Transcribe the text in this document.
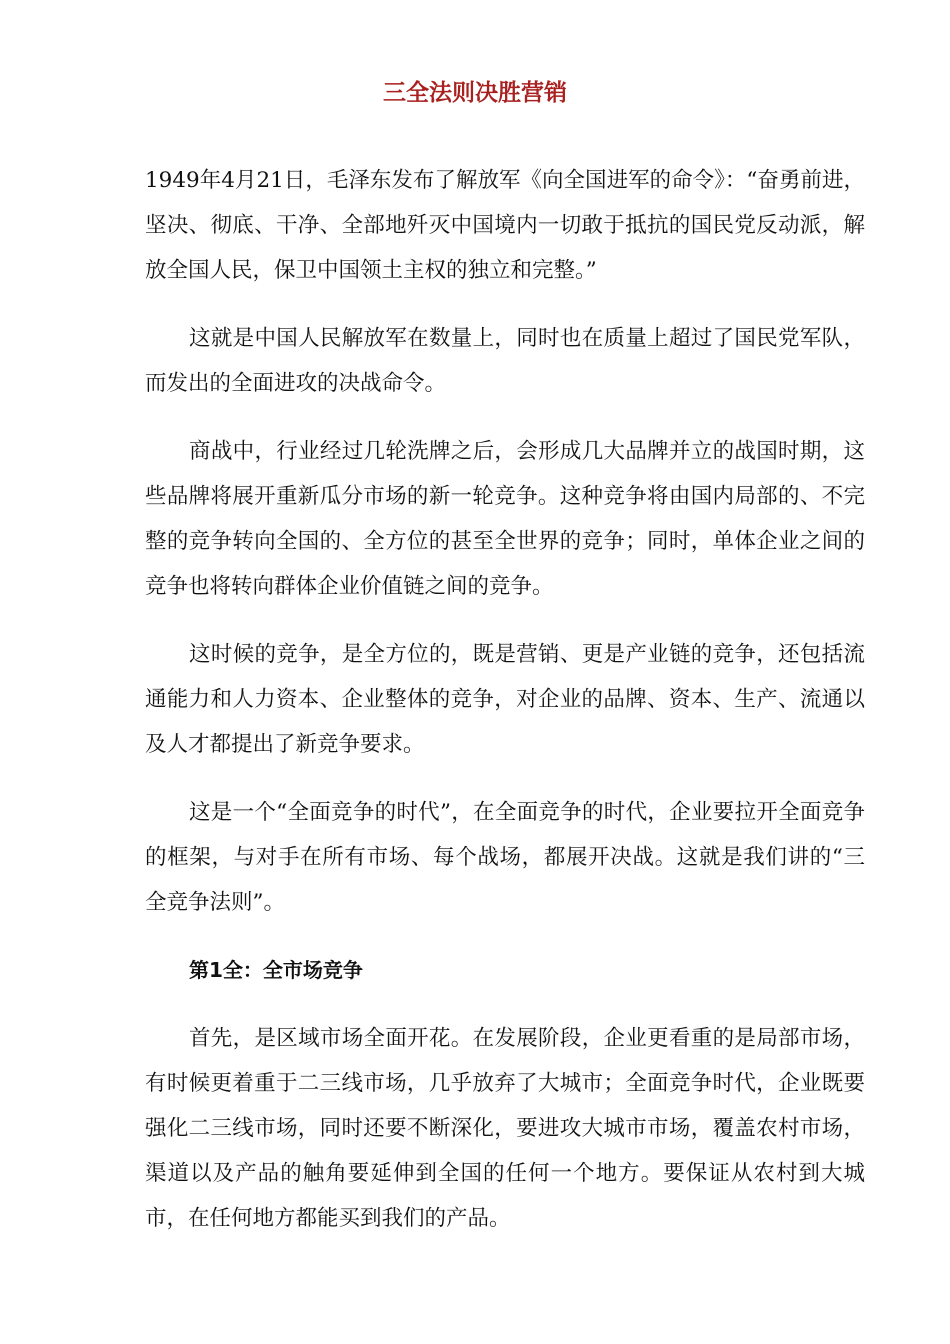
三全法则决胜营销

1949年4月21日，毛泽东发布了解放军《向全国进军的命令》：“奋勇前进，坚决、彻底、干净、全部地歼灭中国境内一切敢于抵抗的国民党反动派，解放全国人民，保卫中国领土主权的独立和完整。”

这就是中国人民解放军在数量上，同时也在质量上超过了国民党军队，而发出的全面进攻的决战命令。

商战中，行业经过几轮洗牌之后，会形成几大品牌并立的战国时期，这些品牌将展开重新瓜分市场的新一轮竞争。这种竞争将由国内局部的、不完整的竞争转向全国的、全方位的甚至全世界的竞争；同时，单体企业之间的竞争也将转向群体企业价值链之间的竞争。

这时候的竞争，是全方位的，既是营销、更是产业链的竞争，还包括流通能力和人力资本、企业整体的竞争，对企业的品牌、资本、生产、流通以及人才都提出了新竞争要求。

这是一个“全面竞争的时代”，在全面竞争的时代，企业要拉开全面竞争的框架，与对手在所有市场、每个战场，都展开决战。这就是我们讲的“三全竞争法则”。

第1全：全市场竞争

首先，是区域市场全面开花。在发展阶段，企业更看重的是局部市场，有时候更着重于二三线市场，几乎放弃了大城市；全面竞争时代，企业既要强化二三线市场，同时还要不断深化，要进攻大城市市场，覆盖农村市场，渠道以及产品的触角要延伸到全国的任何一个地方。要保证从农村到大城市，在任何地方都能买到我们的产品。
